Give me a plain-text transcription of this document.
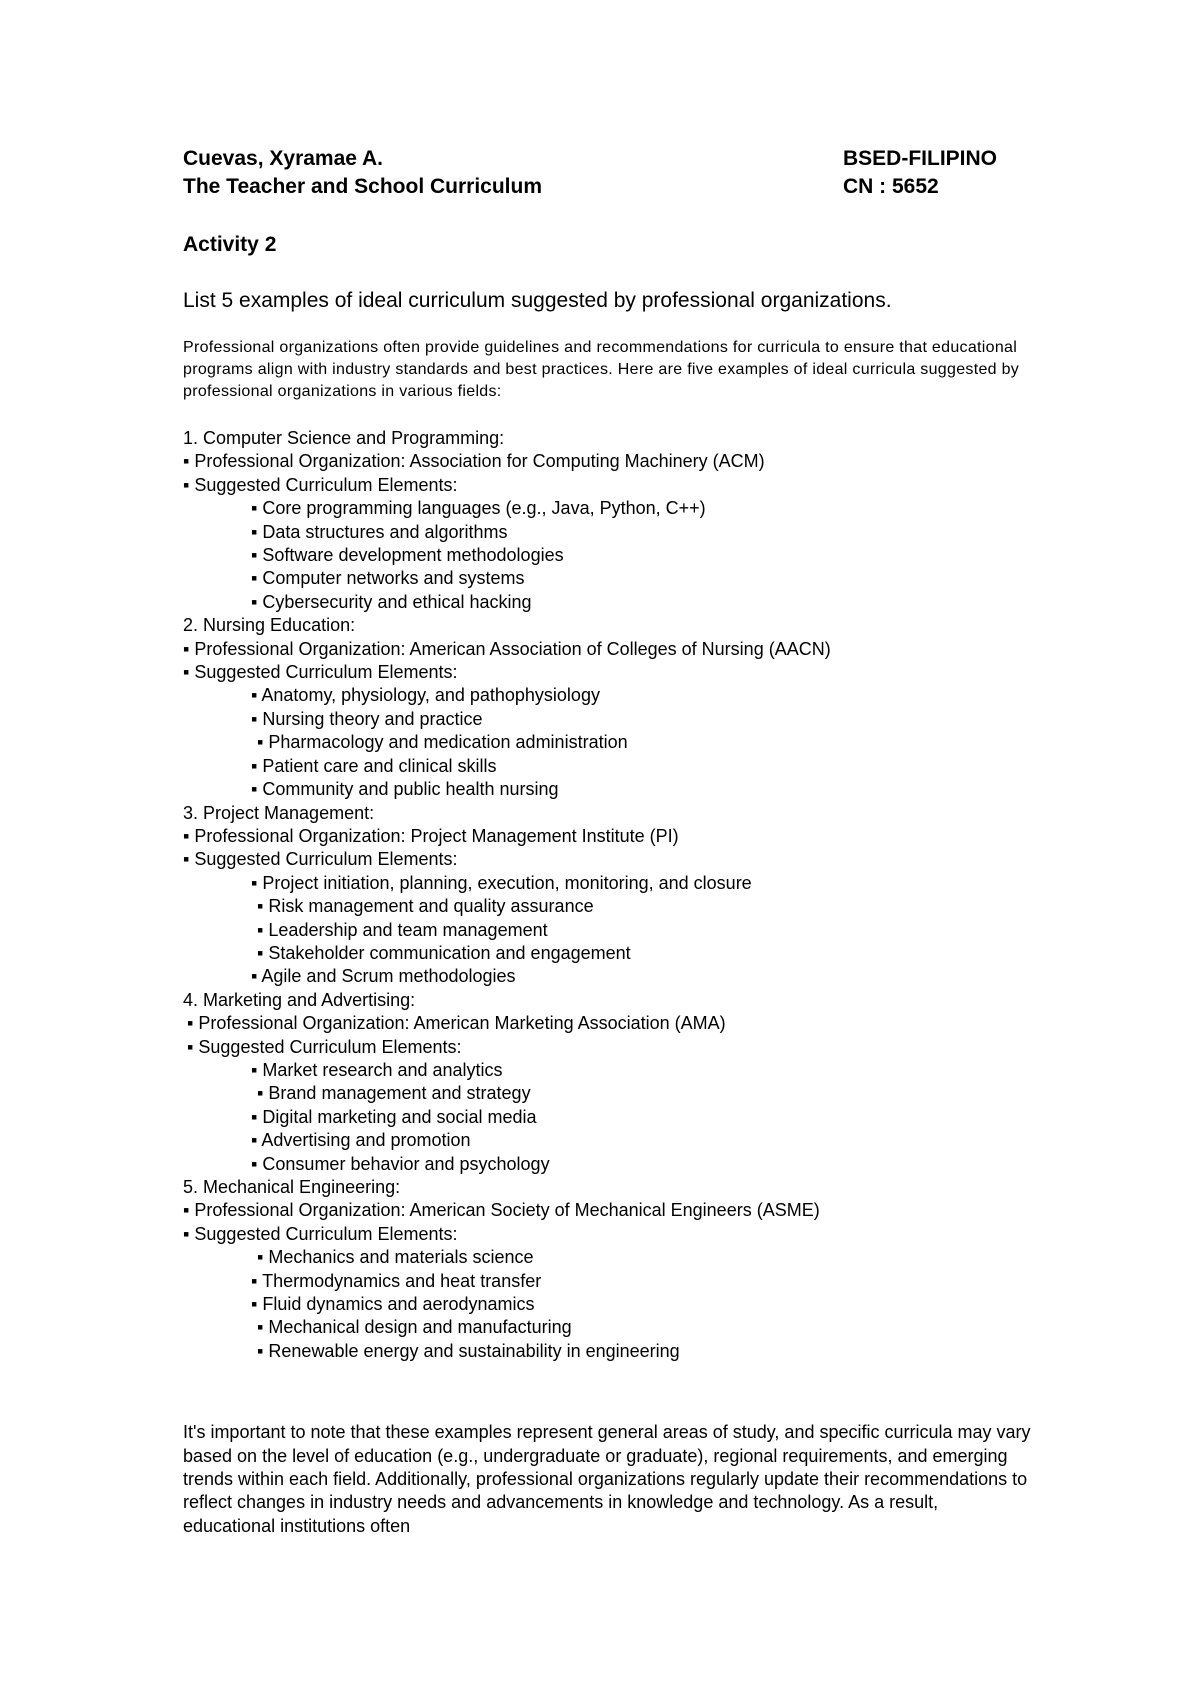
Cuevas, Xyramae A.	BSED-FILIPINO
The Teacher and School Curriculum	CN : 5652
Activity 2
List 5 examples of ideal curriculum suggested by professional organizations.
Professional organizations often provide guidelines and recommendations for curricula to ensure that educational programs align with industry standards and best practices. Here are five examples of ideal curricula suggested by professional organizations in various fields:
1. Computer Science and Programming:
▪ Professional Organization: Association for Computing Machinery (ACM)
▪ Suggested Curriculum Elements:
▪ Core programming languages (e.g., Java, Python, C++)
▪ Data structures and algorithms
▪ Software development methodologies
▪ Computer networks and systems
▪ Cybersecurity and ethical hacking
2. Nursing Education:
▪ Professional Organization: American Association of Colleges of Nursing (AACN)
▪ Suggested Curriculum Elements:
▪ Anatomy, physiology, and pathophysiology
▪ Nursing theory and practice
▪ Pharmacology and medication administration
▪ Patient care and clinical skills
▪ Community and public health nursing
3. Project Management:
▪ Professional Organization: Project Management Institute (PI)
▪ Suggested Curriculum Elements:
▪ Project initiation, planning, execution, monitoring, and closure
▪ Risk management and quality assurance
▪ Leadership and team management
▪ Stakeholder communication and engagement
▪ Agile and Scrum methodologies
4. Marketing and Advertising:
▪ Professional Organization: American Marketing Association (AMA)
▪ Suggested Curriculum Elements:
▪ Market research and analytics
▪ Brand management and strategy
▪ Digital marketing and social media
▪ Advertising and promotion
▪ Consumer behavior and psychology
5. Mechanical Engineering:
▪ Professional Organization: American Society of Mechanical Engineers (ASME)
▪ Suggested Curriculum Elements:
▪ Mechanics and materials science
▪ Thermodynamics and heat transfer
▪ Fluid dynamics and aerodynamics
▪ Mechanical design and manufacturing
▪ Renewable energy and sustainability in engineering
It's important to note that these examples represent general areas of study, and specific curricula may vary based on the level of education (e.g., undergraduate or graduate), regional requirements, and emerging trends within each field. Additionally, professional organizations regularly update their recommendations to reflect changes in industry needs and advancements in knowledge and technology. As a result, educational institutions often
